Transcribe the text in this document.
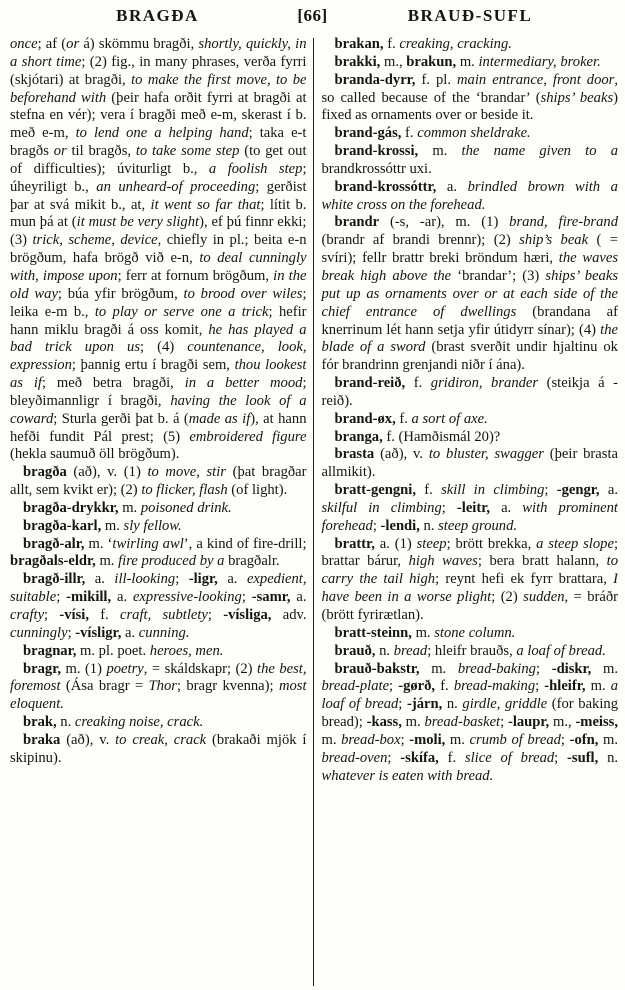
BRAGÐA	[66]	BRAUÐ-SUFL

once; af (or á) skömmu bragði, shortly, quickly, in a short time; (2) fig., in many phrases, verða fyrri (skjótari) at bragði, to make the first move, to be beforehand with (þeir hafa orðit fyrri at bragði at stefna en vér); vera í bragði með e-m, skerast í b. með e-m, to lend one a helping hand; taka e-t bragðs or til bragðs, to take some step (to get out of difficulties); úviturligt b., a foolish step; úheyriligt b., an unheard-of proceeding; gerðist þar at svá mikit b., at, it went so far that; lítit b. mun þá at (it must be very slight), ef þú finnr ekki; (3) trick, scheme, device, chiefly in pl.; beita e-n brögðum, hafa brögð við e-n, to deal cunningly with, impose upon; ferr at fornum brögðum, in the old way; búa yfir brögðum, to brood over wiles; leika e-m b., to play or serve one a trick; hefir hann miklu bragði á oss komit, he has played a bad trick upon us; (4) countenance, look, expression; þannig ertu í bragði sem, thou lookest as if; með betra bragði, in a better mood; bleyðimannligr í bragði, having the look of a coward; Sturla gerði þat b. á (made as if), at hann hefði fundit Pál prest; (5) embroidered figure (hekla saumuð öll brögðum).

bragða (að), v. (1) to move, stir (þat bragðar allt, sem kvikt er); (2) to flicker, flash (of light).

bragða-drykkr, m. poisoned drink.

bragða-karl, m. sly fellow.

bragð-alr, m. ‘twirling awl’, a kind of fire-drill; bragðals-eldr, m. fire produced by a bragðalr.

bragð-illr, a. ill-looking; -ligr, a. expedient, suitable; -mikill, a. expressive-looking; -samr, a. crafty; -vísi, f. craft, subtlety; -vísliga, adv. cunningly; -vísligr, a. cunning.

bragnar, m. pl. poet. heroes, men.

bragr, m. (1) poetry, = skáldskapr; (2) the best, foremost (Ása bragr = Thor; bragr kvenna); most eloquent.

brak, n. creaking noise, crack.

braka (að), v. to creak, crack (brakaði mjök í skipinu).

brakan, f. creaking, cracking.

brakki, m., brakun, m. intermediary, broker.

branda-dyrr, f. pl. main entrance, front door, so called because of the ‘brandar’ (ships’ beaks) fixed as ornaments over or beside it.

brand-gás, f. common sheldrake.

brand-krossi, m. the name given to a brandkrossóttr uxi.

brand-krossóttr, a. brindled brown with a white cross on the forehead.

brandr (-s, -ar), m. (1) brand, fire-brand (brandr af brandi brennr); (2) ship’s beak ( = svíri); fellr brattr breki bröndum hæri, the waves break high above the ‘brandar’; (3) ships’ beaks put up as ornaments over or at each side of the chief entrance of dwellings (brandana af knerrinum lét hann setja yfir útidyrr sínar); (4) the blade of a sword (brast sverðit undir hjaltinu ok fór brandrinn grenjandi niðr í ána).

brand-reið, f. gridiron, brander (steikja á -reið).

brand-øx, f. a sort of axe.

branga, f. (Hamðismál 20)?

brasta (að), v. to bluster, swagger (þeir brasta allmikit).

bratt-gengni, f. skill in climbing; -gengr, a. skilful in climbing; -leitr, a. with prominent forehead; -lendi, n. steep ground.

brattr, a. (1) steep; brött brekka, a steep slope; brattar bárur, high waves; bera bratt halann, to carry the tail high; reynt hefi ek fyrr brattara, I have been in a worse plight; (2) sudden, = bráðr (brött fyrirætlan).

bratt-steinn, m. stone column.

brauð, n. bread; hleifr brauðs, a loaf of bread.

brauð-bakstr, m. bread-baking; -diskr, m. bread-plate; -gørð, f. bread-making; -hleifr, m. a loaf of bread; -járn, n. girdle, griddle (for baking bread); -kass, m. bread-basket; -laupr, m., -meiss, m. bread-box; -moli, m. crumb of bread; -ofn, m. bread-oven; -skífa, f. slice of bread; -sufl, n. whatever is eaten with bread.
